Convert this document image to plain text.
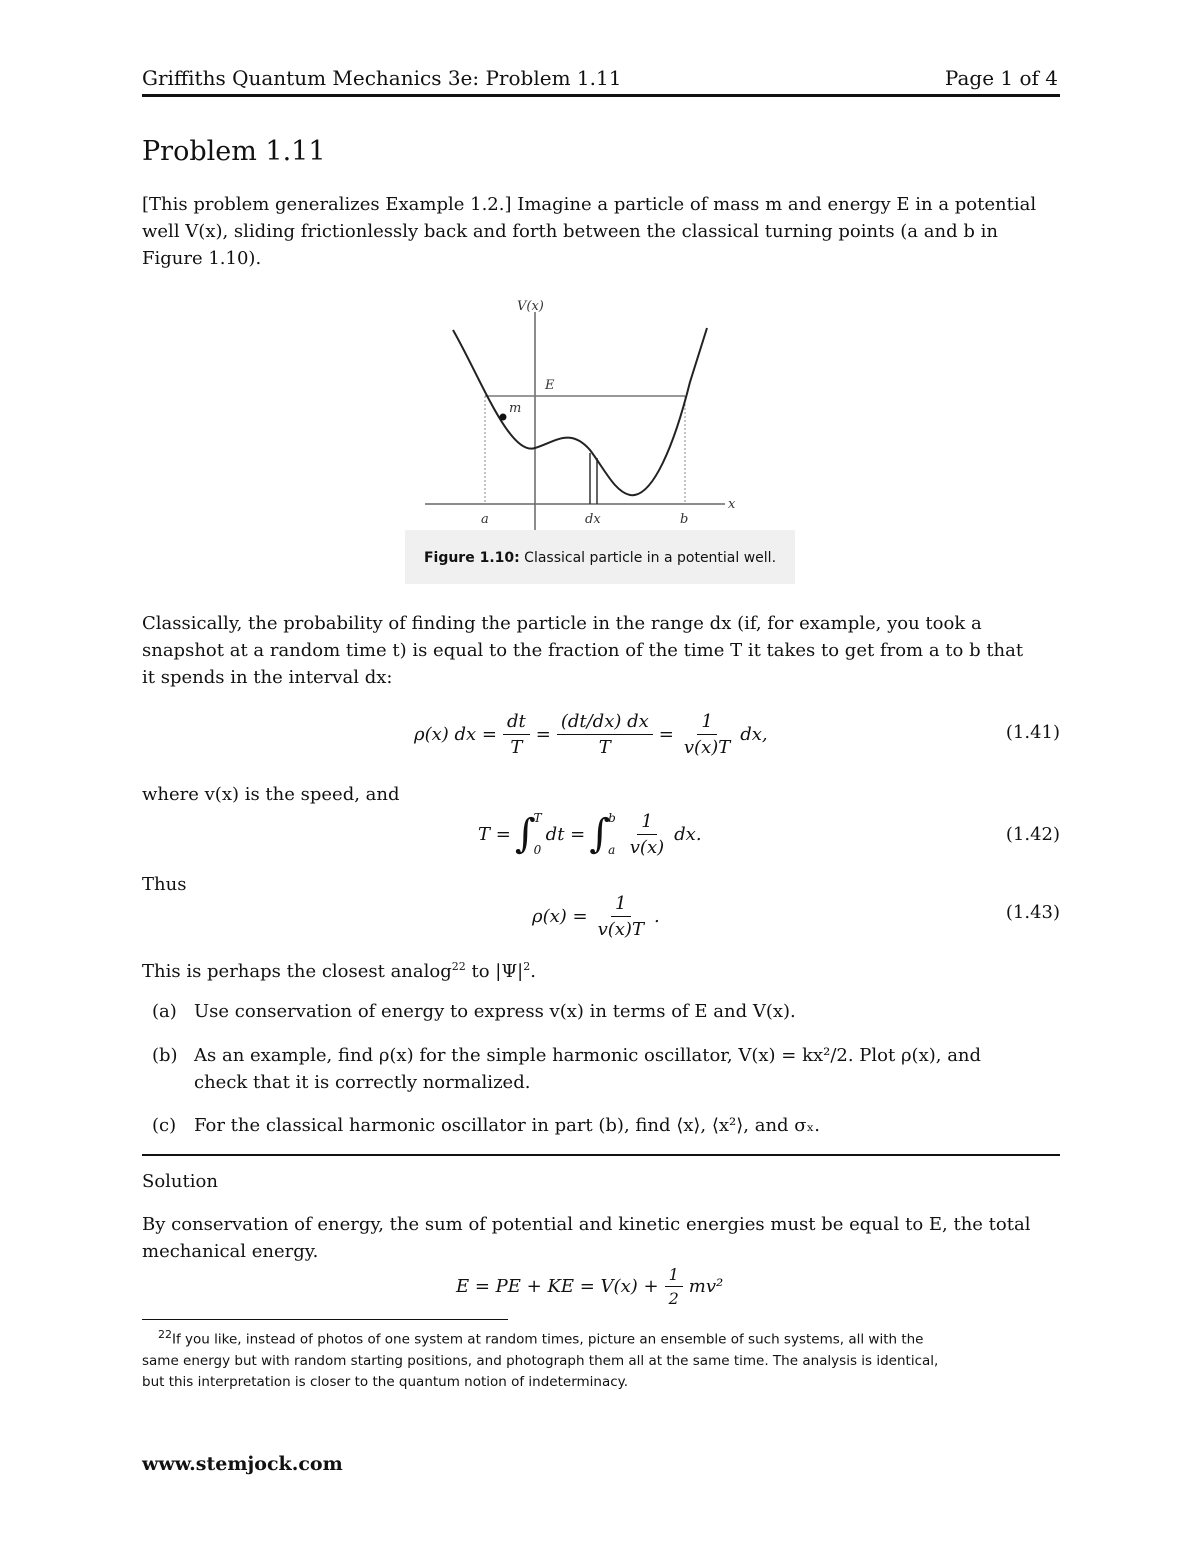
Griffiths Quantum Mechanics 3e: Problem 1.11	Page 1 of 4
Problem 1.11
[This problem generalizes Example 1.2.] Imagine a particle of mass m and energy E in a potential
well V(x), sliding frictionlessly back and forth between the classical turning points (a and b in
Figure 1.10).
V(x)
x
E
m
a	dx	b
Figure 1.10: Classical particle in a potential well.
Classically, the probability of finding the particle in the range dx (if, for example, you took a
snapshot at a random time t) is equal to the fraction of the time T it takes to get from a to b that
it spends in the interval dx:
ρ(x) dx = $\frac{dt}{T} = \frac{(dt/dx) dx}{T} = \frac{1}{v(x)T}$ dx,	(1.41)
where v(x) is the speed, and
T = ∫
T
0
dt = ∫
b
a $\frac{1}{v(x)}$ dx.	(1.42)
Thus
$\rho(x) = \frac{1}{v(x)T}$ .	(1.43)
This is perhaps the closest analog$^{22}$ to $|\Psi|^2$.
(a) Use conservation of energy to express v(x) in terms of E and V(x).
(b) As an example, find ρ(x) for the simple harmonic oscillator, V(x) = kx²/2. Plot ρ(x), and
check that it is correctly normalized.
(c) For the classical harmonic oscillator in part (b), find ⟨x⟩, ⟨x²⟩, and σₓ.
Solution
By conservation of energy, the sum of potential and kinetic energies must be equal to E, the total
mechanical energy.
E = PE + KE = $V(x) + \frac{1}{2} mv^2$
$^{22}$If you like, instead of photos of one system at random times, picture an ensemble of such systems, all with the
same energy but with random starting positions, and photograph them all at the same time. The analysis is identical,
but this interpretation is closer to the quantum notion of indeterminacy.
www.stemjock.com
